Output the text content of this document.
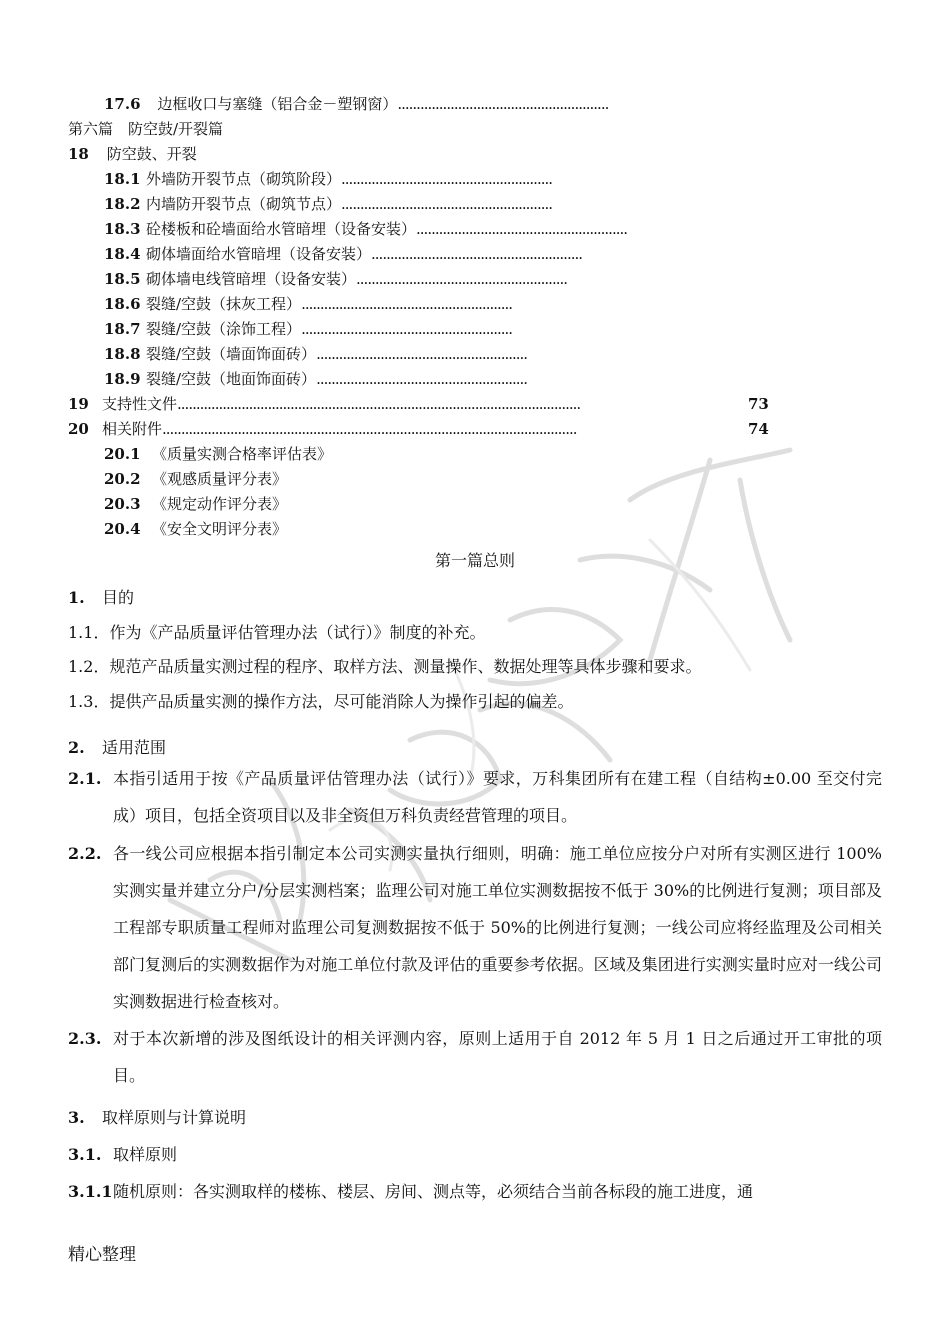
17.6 边框收口与塞缝（铝合金－塑钢窗）........................................................
第六篇　防空鼓/开裂篇
18 防空鼓、开裂
18.1 外墙防开裂节点（砌筑阶段）........................................................
18.2 内墙防开裂节点（砌筑节点）........................................................
18.3 砼楼板和砼墙面给水管暗埋（设备安装）........................................................
18.4 砌体墙面给水管暗埋（设备安装）........................................................
18.5 砌体墙电线管暗埋（设备安装）........................................................
18.6 裂缝/空鼓（抹灰工程）........................................................
18.7 裂缝/空鼓（涂饰工程）........................................................
18.8 裂缝/空鼓（墙面饰面砖）........................................................
18.9 裂缝/空鼓（地面饰面砖）........................................................
19 支持性文件...........................................................................................................	73
20 相关附件..............................................................................................................	74
20.1 《质量实测合格率评估表》
20.2 《观感质量评分表》
20.3 《规定动作评分表》
20.4 《安全文明评分表》
第一篇总则
1. 目的
1.1．作为《产品质量评估管理办法（试行）》制度的补充。
1.2．规范产品质量实测过程的程序、取样方法、测量操作、数据处理等具体步骤和要求。
1.3．提供产品质量实测的操作方法，尽可能消除人为操作引起的偏差。
2. 适用范围
2.1. 本指引适用于按《产品质量评估管理办法（试行）》要求，万科集团所有在建工程（自结构±0.00 至交付完成）项目，包括全资项目以及非全资但万科负责经营管理的项目。
2.2. 各一线公司应根据本指引制定本公司实测实量执行细则，明确：施工单位应按分户对所有实测区进行 100%实测实量并建立分户/分层实测档案；监理公司对施工单位实测数据按不低于 30%的比例进行复测；项目部及工程部专职质量工程师对监理公司复测数据按不低于 50%的比例进行复测；一线公司应将经监理及公司相关部门复测后的实测数据作为对施工单位付款及评估的重要参考依据。区域及集团进行实测实量时应对一线公司实测数据进行检查核对。
2.3. 对于本次新增的涉及图纸设计的相关评测内容，原则上适用于自 2012 年 5 月 1 日之后通过开工审批的项目。
3. 取样原则与计算说明
3.1. 取样原则
3.1.1随机原则：各实测取样的楼栋、楼层、房间、测点等，必须结合当前各标段的施工进度，通
精心整理
